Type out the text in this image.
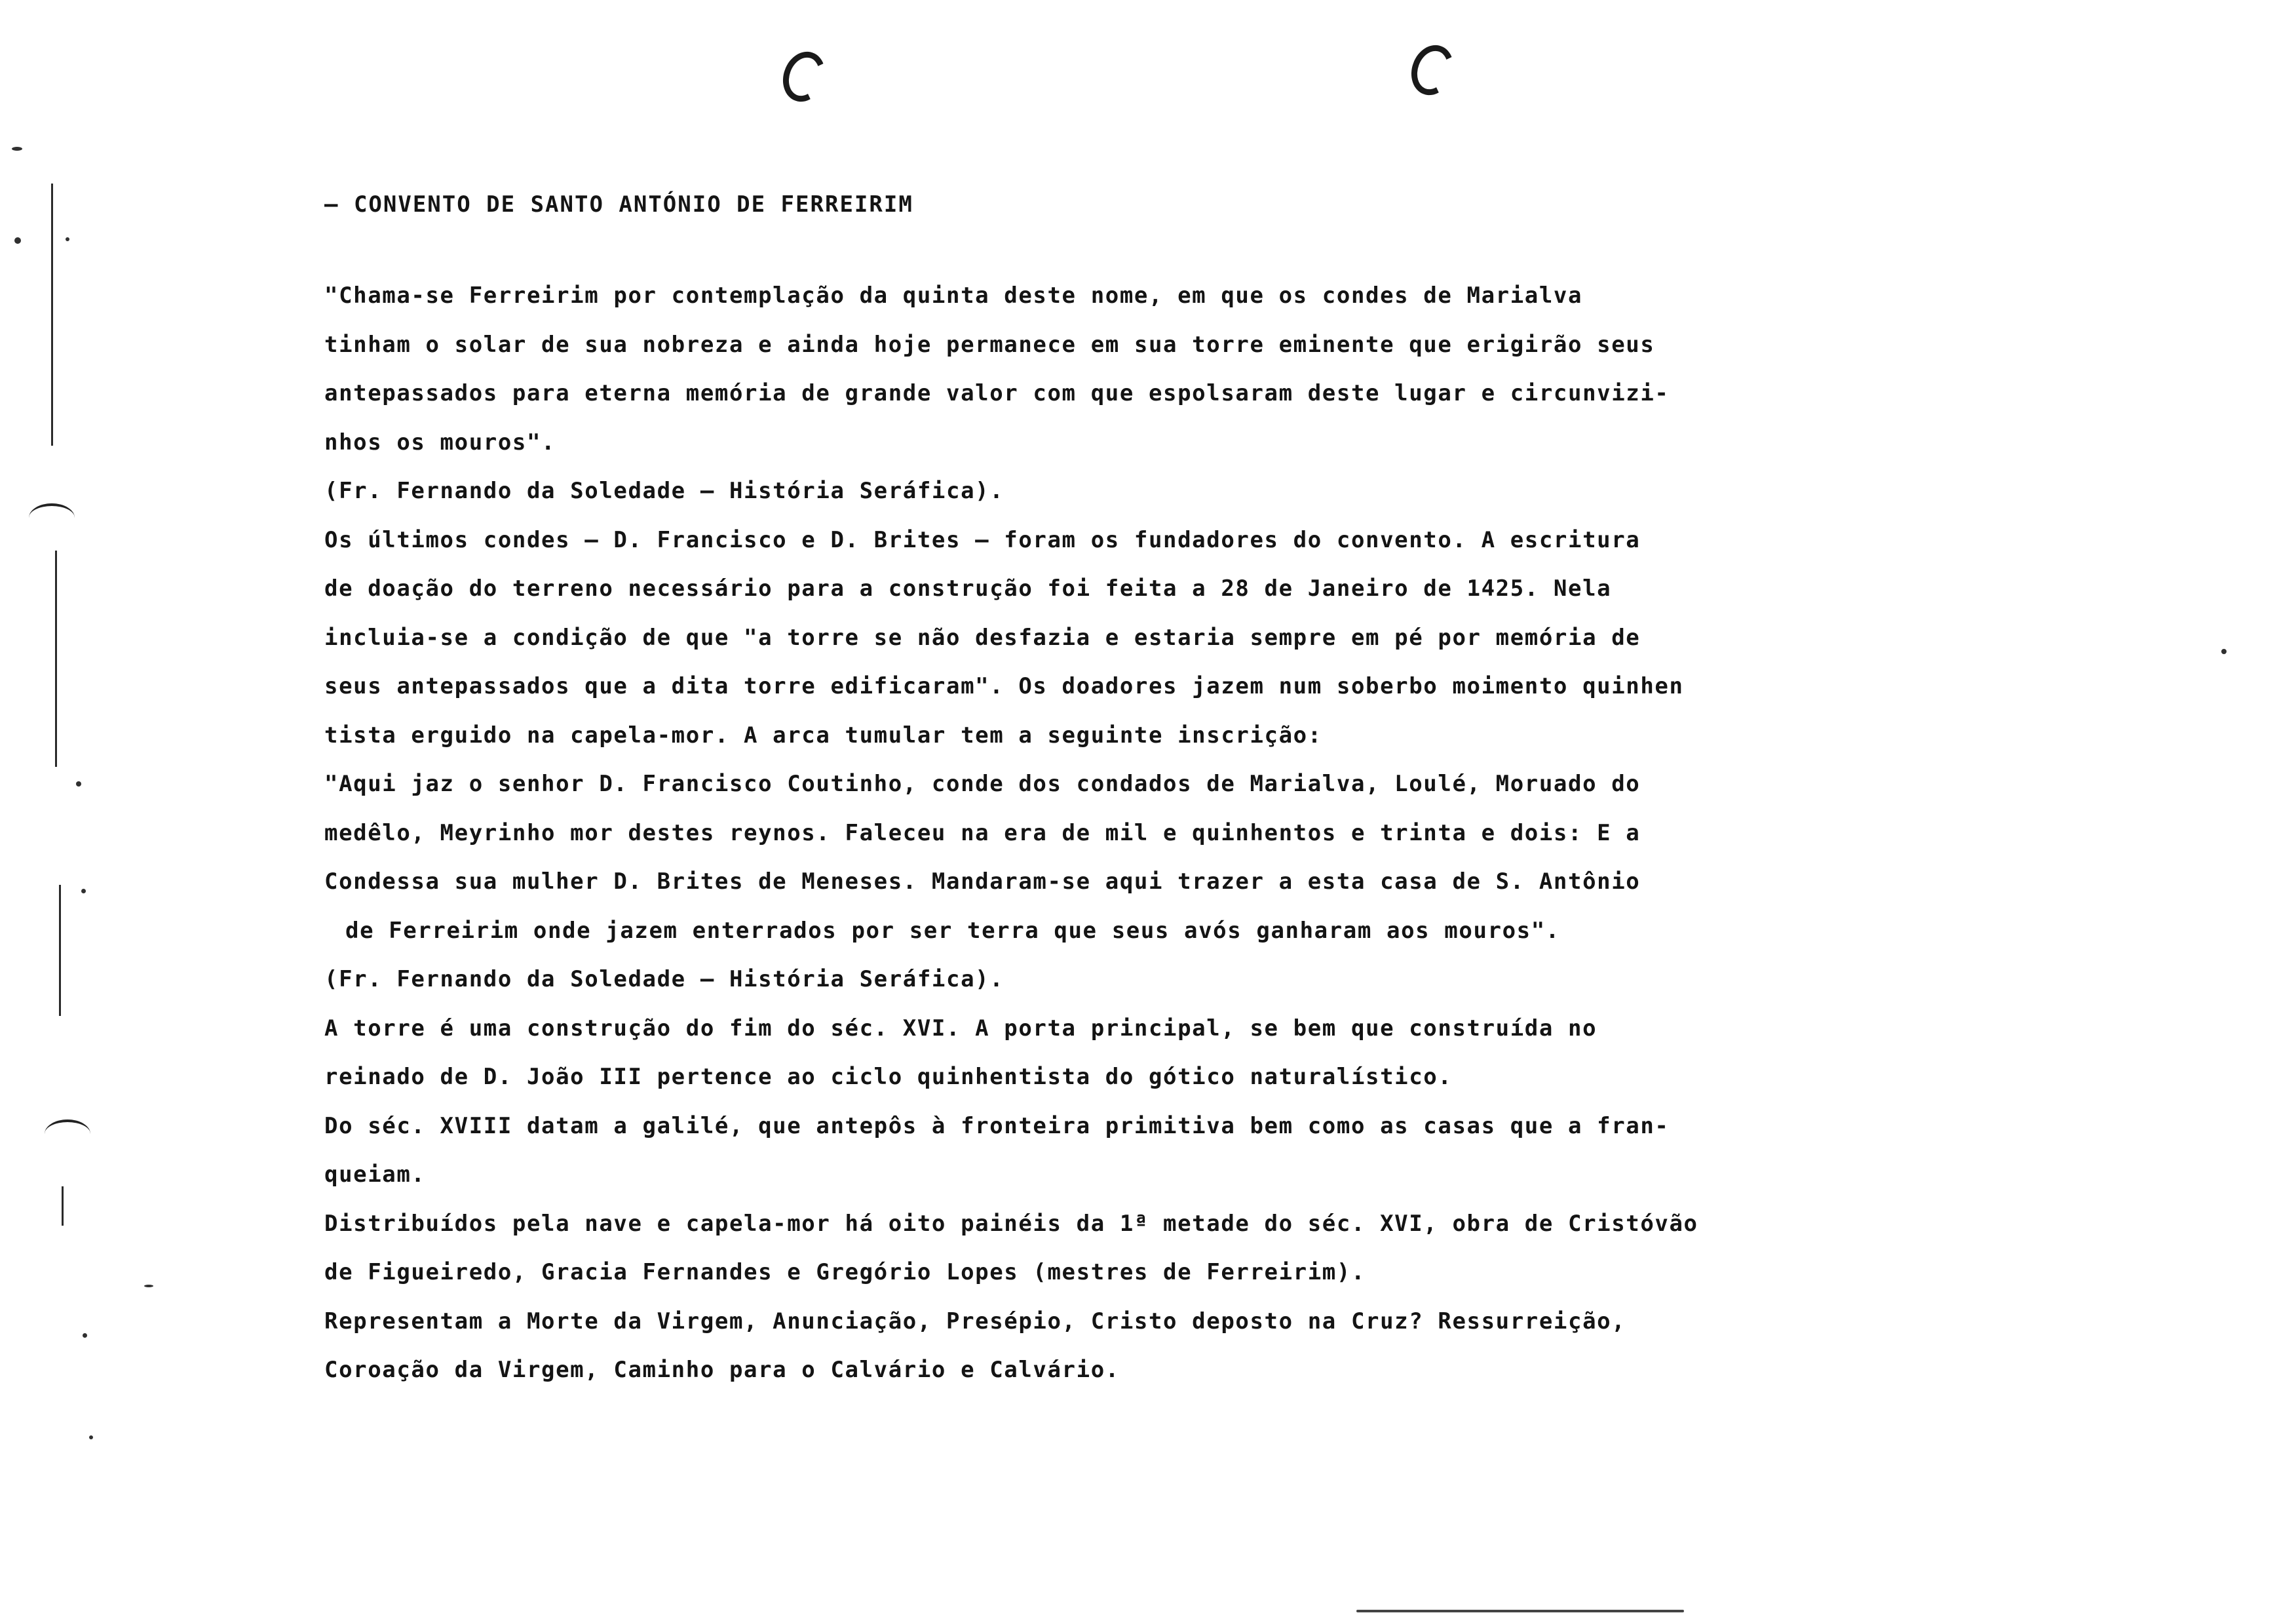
– CONVENTO DE SANTO ANTÓNIO DE FERREIRIM
"Chama-se Ferreirim por contemplação da quinta deste nome, em que os condes de Marialva
tinham o solar de sua nobreza e ainda hoje permanece em sua torre eminente que erigirão seus
antepassados para eterna memória de grande valor com que espolsaram deste lugar e circunvizi-
nhos os mouros".
(Fr. Fernando da Soledade – História Seráfica).
Os últimos condes – D. Francisco e D. Brites – foram os fundadores do convento. A escritura
de doação do terreno necessário para a construção foi feita a 28 de Janeiro de 1425. Nela
incluia-se a condição de que "a torre se não desfazia e estaria sempre em pé por memória de
seus antepassados que a dita torre edificaram". Os doadores jazem num soberbo moimento quinhen
tista erguido na capela-mor. A arca tumular tem a seguinte inscrição:
"Aqui jaz o senhor D. Francisco Coutinho, conde dos condados de Marialva, Loulé, Moruado do
medêlo, Meyrinho mor destes reynos. Faleceu na era de mil e quinhentos e trinta e dois: E a
Condessa sua mulher D. Brites de Meneses. Mandaram-se aqui trazer a esta casa de S. Antônio
de Ferreirim onde jazem enterrados por ser terra que seus avós ganharam aos mouros".
(Fr. Fernando da Soledade – História Seráfica).
A torre é uma construção do fim do séc. XVI. A porta principal, se bem que construída no
reinado de D. João III pertence ao ciclo quinhentista do gótico naturalístico.
Do séc. XVIII datam a galilé, que antepôs à fronteira primitiva bem como as casas que a fran-
queiam.
Distribuídos pela nave e capela-mor há oito painéis da 1ª metade do séc. XVI, obra de Cristóvão
de Figueiredo, Gracia Fernandes e Gregório Lopes (mestres de Ferreirim).
Representam a Morte da Virgem, Anunciação, Presépio, Cristo deposto na Cruz? Ressurreição,
Coroação da Virgem, Caminho para o Calvário e Calvário.
